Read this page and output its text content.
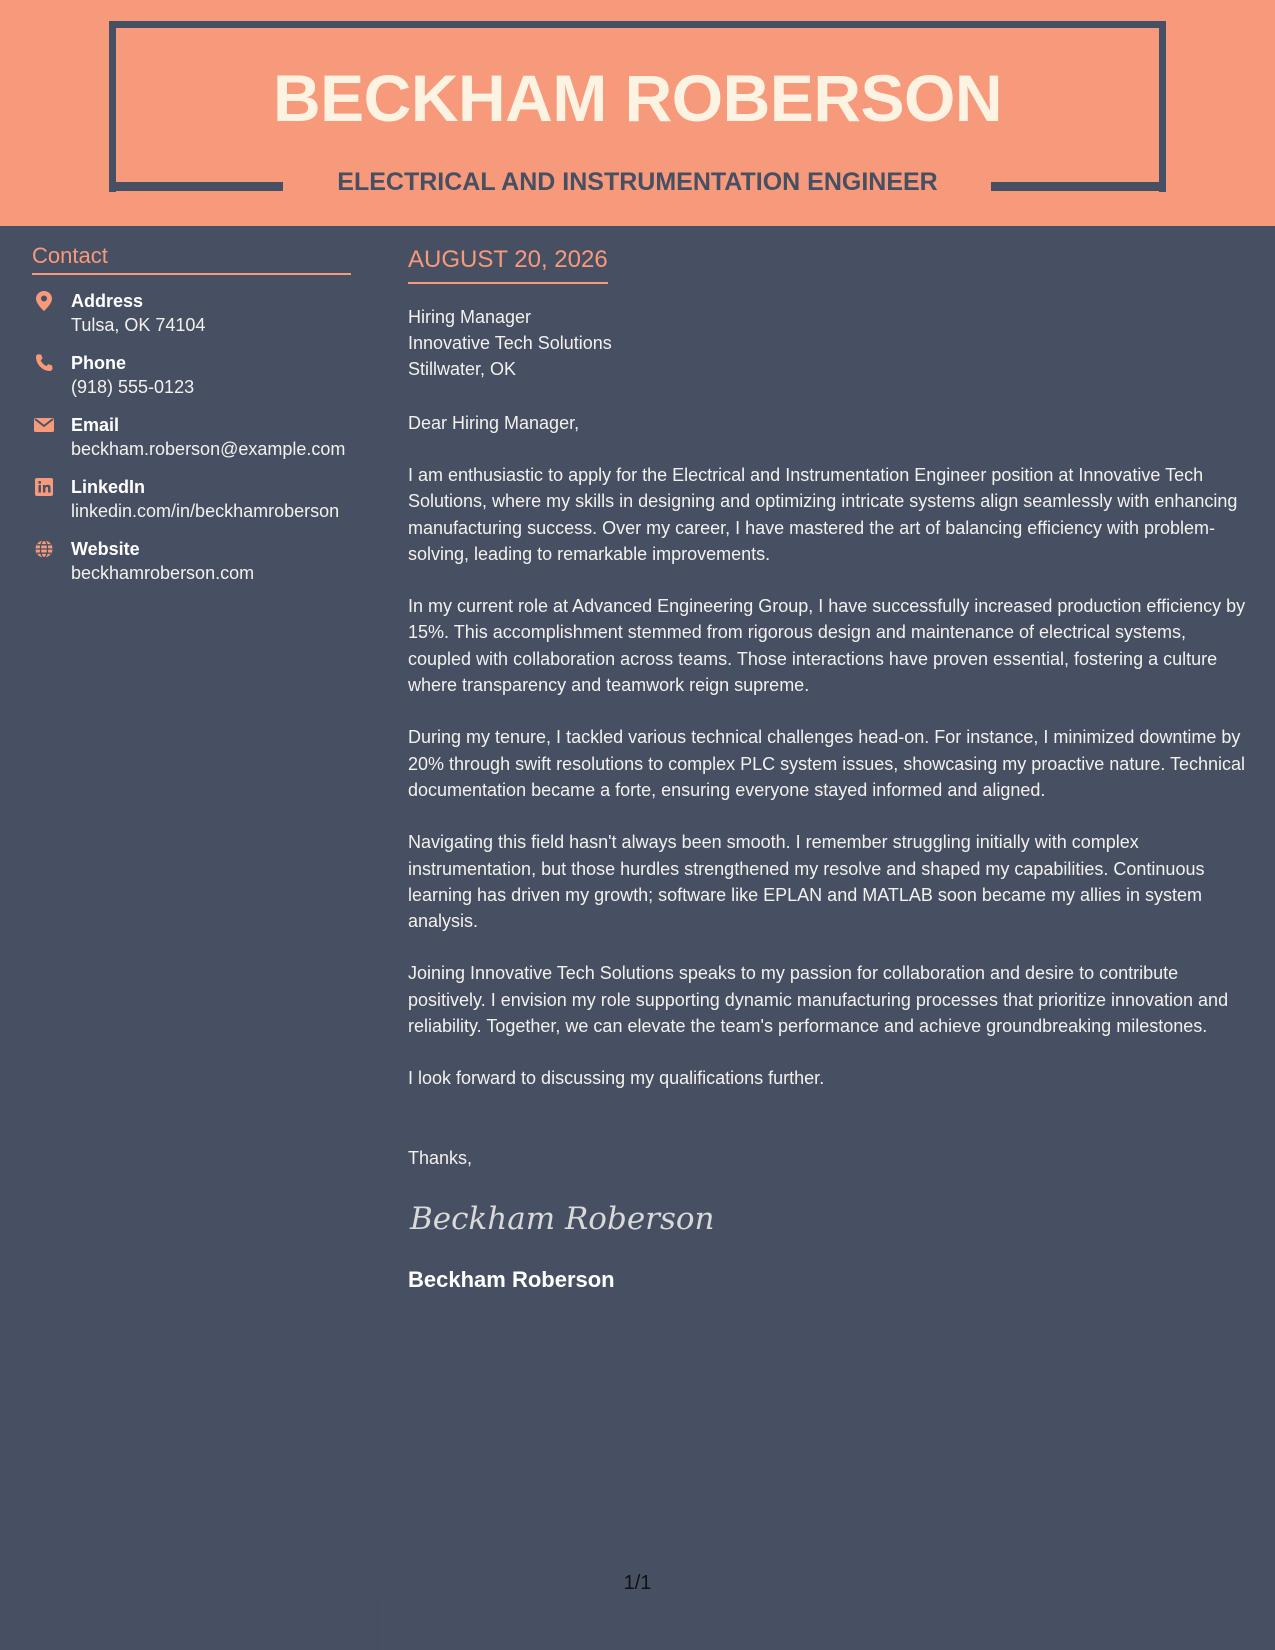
BECKHAM ROBERSON
ELECTRICAL AND INSTRUMENTATION ENGINEER
Contact
Address
Tulsa, OK 74104
Phone
(918) 555-0123
Email
beckham.roberson@example.com
LinkedIn
linkedin.com/in/beckhamroberson
Website
beckhamroberson.com
AUGUST 20, 2026
Hiring Manager
Innovative Tech Solutions
Stillwater, OK
Dear Hiring Manager,

I am enthusiastic to apply for the Electrical and Instrumentation Engineer position at Innovative Tech Solutions, where my skills in designing and optimizing intricate systems align seamlessly with enhancing manufacturing success. Over my career, I have mastered the art of balancing efficiency with problem-solving, leading to remarkable improvements.

In my current role at Advanced Engineering Group, I have successfully increased production efficiency by 15%. This accomplishment stemmed from rigorous design and maintenance of electrical systems, coupled with collaboration across teams. Those interactions have proven essential, fostering a culture where transparency and teamwork reign supreme.

During my tenure, I tackled various technical challenges head-on. For instance, I minimized downtime by 20% through swift resolutions to complex PLC system issues, showcasing my proactive nature. Technical documentation became a forte, ensuring everyone stayed informed and aligned.

Navigating this field hasn't always been smooth. I remember struggling initially with complex instrumentation, but those hurdles strengthened my resolve and shaped my capabilities. Continuous learning has driven my growth; software like EPLAN and MATLAB soon became my allies in system analysis.

Joining Innovative Tech Solutions speaks to my passion for collaboration and desire to contribute positively. I envision my role supporting dynamic manufacturing processes that prioritize innovation and reliability. Together, we can elevate the team's performance and achieve groundbreaking milestones.

I look forward to discussing my qualifications further.
Thanks,
Beckham Roberson
Beckham Roberson
1/1
